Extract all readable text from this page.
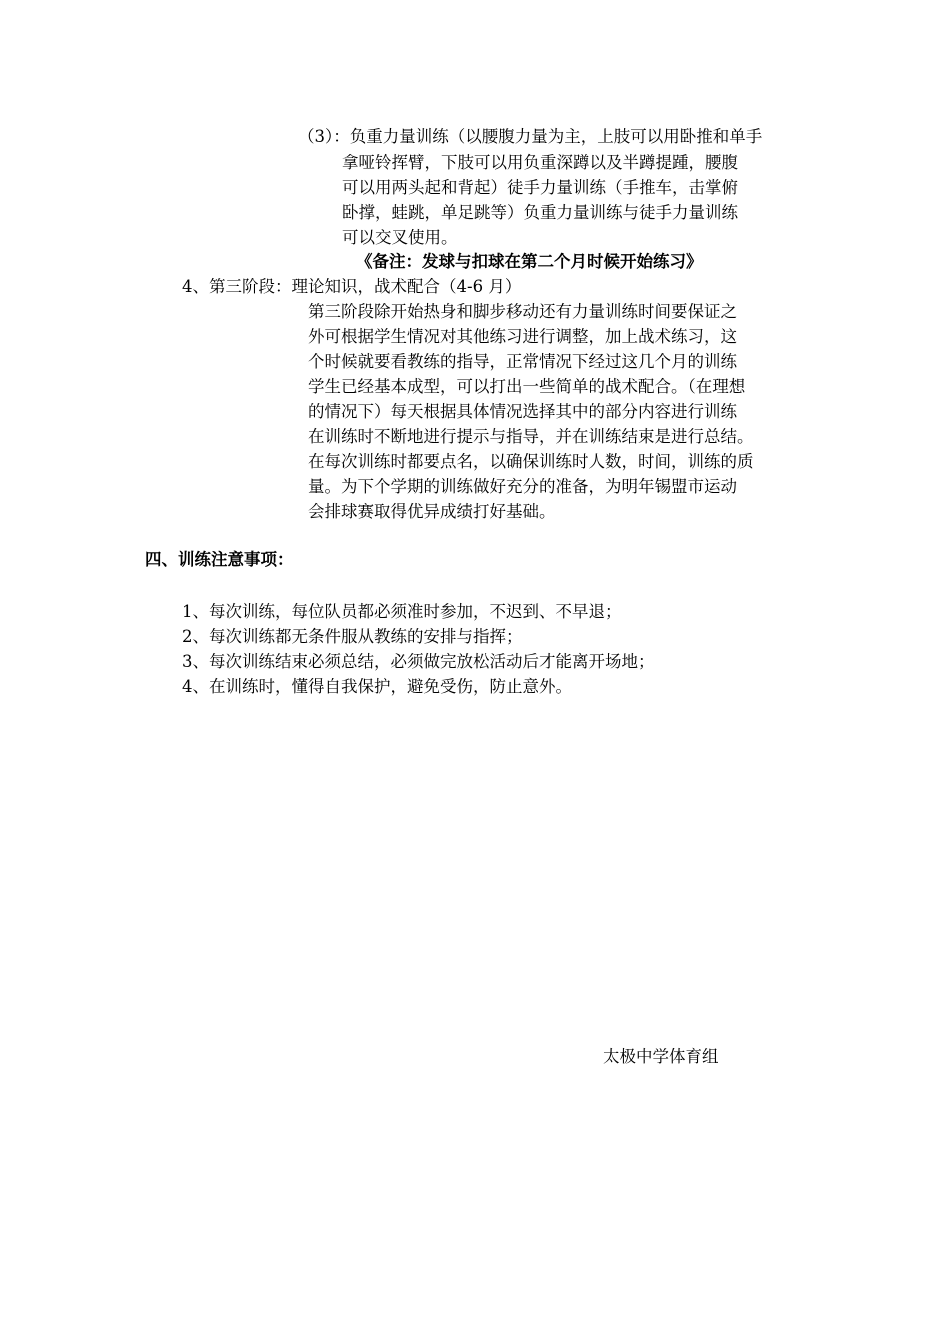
（3）：负重力量训练（以腰腹力量为主，上肢可以用卧推和单手
拿哑铃挥臂，下肢可以用负重深蹲以及半蹲提踵，腰腹
可以用两头起和背起）徒手力量训练（手推车，击掌俯
卧撑，蛙跳，单足跳等）负重力量训练与徒手力量训练
可以交叉使用。
《备注：发球与扣球在第二个月时候开始练习》
4、第三阶段：理论知识，战术配合（4-6 月）
第三阶段除开始热身和脚步移动还有力量训练时间要保证之
外可根据学生情况对其他练习进行调整，加上战术练习，这
个时候就要看教练的指导，正常情况下经过这几个月的训练
学生已经基本成型，可以打出一些简单的战术配合。（在理想
的情况下）每天根据具体情况选择其中的部分内容进行训练
在训练时不断地进行提示与指导，并在训练结束是进行总结。
在每次训练时都要点名，以确保训练时人数，时间，训练的质
量。为下个学期的训练做好充分的准备，为明年锡盟市运动
会排球赛取得优异成绩打好基础。
四、训练注意事项：
1、每次训练，每位队员都必须准时参加，不迟到、不早退；
2、每次训练都无条件服从教练的安排与指挥；
3、每次训练结束必须总结，必须做完放松活动后才能离开场地；
4、在训练时，懂得自我保护，避免受伤，防止意外。
太极中学体育组
